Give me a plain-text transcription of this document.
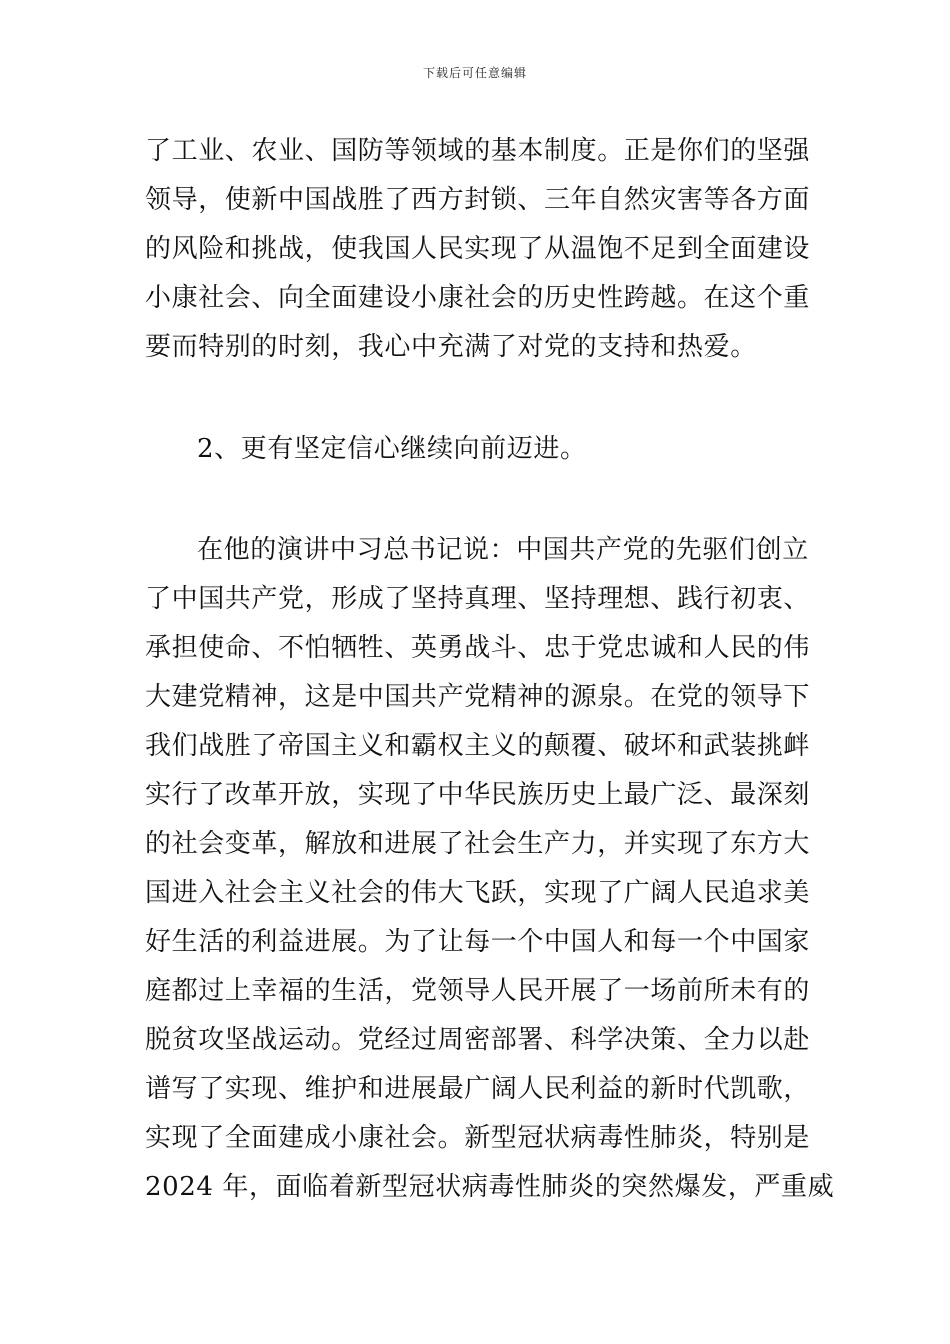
下载后可任意编辑
了工业、农业、国防等领域的基本制度。正是你们的坚强
领导，使新中国战胜了西方封锁、三年自然灾害等各方面
的风险和挑战，使我国人民实现了从温饱不足到全面建设
小康社会、向全面建设小康社会的历史性跨越。在这个重
要而特别的时刻，我心中充满了对党的支持和热爱。
2、更有坚定信心继续向前迈进。
在他的演讲中习总书记说：中国共产党的先驱们创立
了中国共产党，形成了坚持真理、坚持理想、践行初衷、
承担使命、不怕牺牲、英勇战斗、忠于党忠诚和人民的伟
大建党精神，这是中国共产党精神的源泉。在党的领导下
我们战胜了帝国主义和霸权主义的颠覆、破坏和武装挑衅
实行了改革开放，实现了中华民族历史上最广泛、最深刻
的社会变革，解放和进展了社会生产力，并实现了东方大
国进入社会主义社会的伟大飞跃，实现了广阔人民追求美
好生活的利益进展。为了让每一个中国人和每一个中国家
庭都过上幸福的生活，党领导人民开展了一场前所未有的
脱贫攻坚战运动。党经过周密部署、科学决策、全力以赴
谱写了实现、维护和进展最广阔人民利益的新时代凯歌，
实现了全面建成小康社会。新型冠状病毒性肺炎，特别是
2024 年，面临着新型冠状病毒性肺炎的突然爆发，严重威
